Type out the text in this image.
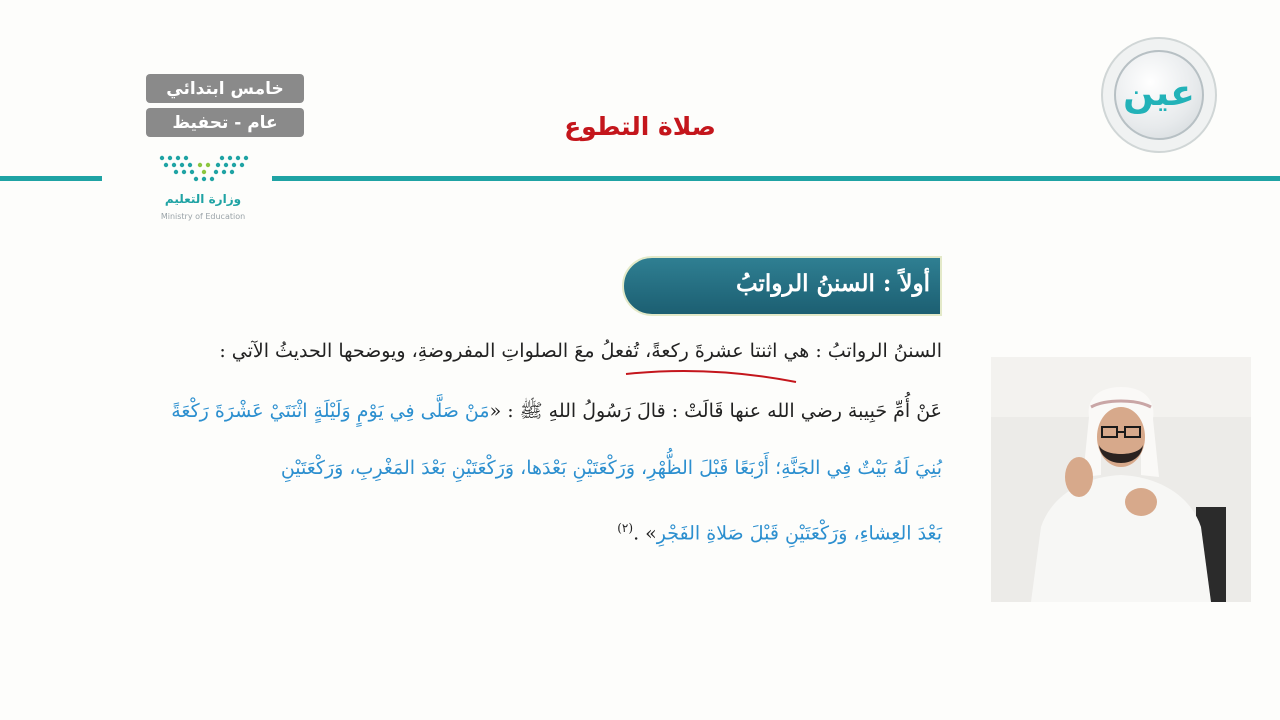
خامس ابتدائي
عام - تحفيظ	صلاة التطوع
وزارة التعليم
Ministry of Education
عين
أولاً : السننُ الرواتبُ
السننُ الرواتبُ : هي اثنتا عشرةَ ركعةً، تُفعلُ معَ الصلواتِ المفروضةِ، ويوضحها الحديثُ الآتي :
عَنْ أُمِّ حَبِيبة رضي الله عنها قَالَتْ : قالَ رَسُولُ اللهِ ﷺ : «مَنْ صَلَّى فِي يَوْمٍ وَلَيْلَةٍ اثْنَتَيْ عَشْرَةَ رَكْعَةً
بُنِيَ لَهُ بَيْتٌ فِي الجَنَّةِ؛ أَرْبَعًا قَبْلَ الظُّهْرِ، وَرَكْعَتَيْنِ بَعْدَها، وَرَكْعَتَيْنِ بَعْدَ المَغْرِبِ، وَرَكْعَتَيْنِ
بَعْدَ العِشاءِ، وَرَكْعَتَيْنِ قَبْلَ صَلاةِ الفَجْرِ» .$^{(٢)}$
